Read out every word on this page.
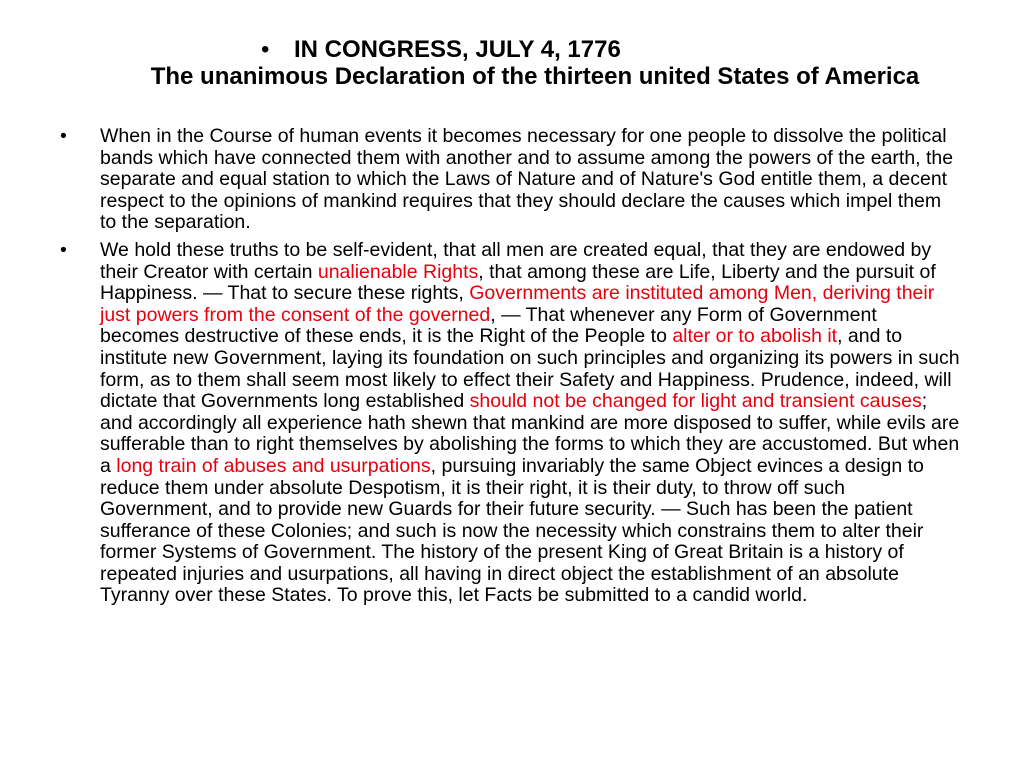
• IN CONGRESS, JULY 4, 1776
The unanimous Declaration of the thirteen united States of America
• When in the Course of human events it becomes necessary for one people to dissolve the political bands which have connected them with another and to assume among the powers of the earth, the separate and equal station to which the Laws of Nature and of Nature's God entitle them, a decent respect to the opinions of mankind requires that they should declare the causes which impel them to the separation.
• We hold these truths to be self-evident, that all men are created equal, that they are endowed by their Creator with certain unalienable Rights, that among these are Life, Liberty and the pursuit of Happiness. — That to secure these rights, Governments are instituted among Men, deriving their just powers from the consent of the governed, — That whenever any Form of Government becomes destructive of these ends, it is the Right of the People to alter or to abolish it, and to institute new Government, laying its foundation on such principles and organizing its powers in such form, as to them shall seem most likely to effect their Safety and Happiness. Prudence, indeed, will dictate that Governments long established should not be changed for light and transient causes; and accordingly all experience hath shewn that mankind are more disposed to suffer, while evils are sufferable than to right themselves by abolishing the forms to which they are accustomed. But when a long train of abuses and usurpations, pursuing invariably the same Object evinces a design to reduce them under absolute Despotism, it is their right, it is their duty, to throw off such Government, and to provide new Guards for their future security. — Such has been the patient sufferance of these Colonies; and such is now the necessity which constrains them to alter their former Systems of Government. The history of the present King of Great Britain is a history of repeated injuries and usurpations, all having in direct object the establishment of an absolute Tyranny over these States. To prove this, let Facts be submitted to a candid world.
